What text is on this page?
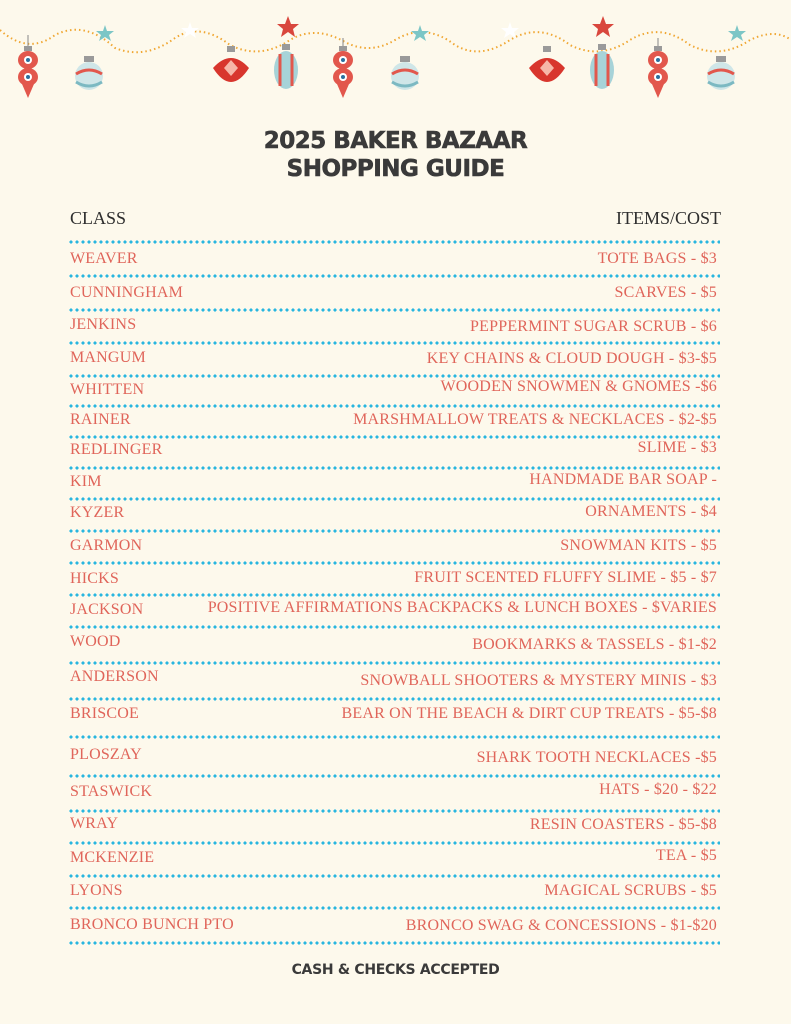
2025 BAKER BAZAAR
SHOPPING GUIDE
CLASS	ITEMS/COST
WEAVER	TOTE BAGS - $3
CUNNINGHAM	SCARVES - $5
JENKINS	PEPPERMINT SUGAR SCRUB - $6
MANGUM	KEY CHAINS & CLOUD DOUGH - $3-$5
WHITTEN	WOODEN SNOWMEN & GNOMES -$6
RAINER	MARSHMALLOW TREATS & NECKLACES - $2-$5
REDLINGER	SLIME - $3
KIM	HANDMADE BAR SOAP -
KYZER	ORNAMENTS - $4
GARMON	SNOWMAN KITS - $5
HICKS	FRUIT SCENTED FLUFFY SLIME - $5 - $7
JACKSON	POSITIVE AFFIRMATIONS BACKPACKS & LUNCH BOXES - $VARIES
WOOD	BOOKMARKS & TASSELS - $1-$2
ANDERSON	SNOWBALL SHOOTERS & MYSTERY MINIS - $3
BRISCOE	BEAR ON THE BEACH & DIRT CUP TREATS - $5-$8
PLOSZAY	SHARK TOOTH NECKLACES -$5
STASWICK	HATS - $20 - $22
WRAY	RESIN COASTERS - $5-$8
MCKENZIE	TEA - $5
LYONS	MAGICAL SCRUBS - $5
BRONCO BUNCH PTO	BRONCO SWAG & CONCESSIONS - $1-$20
CASH & CHECKS ACCEPTED
